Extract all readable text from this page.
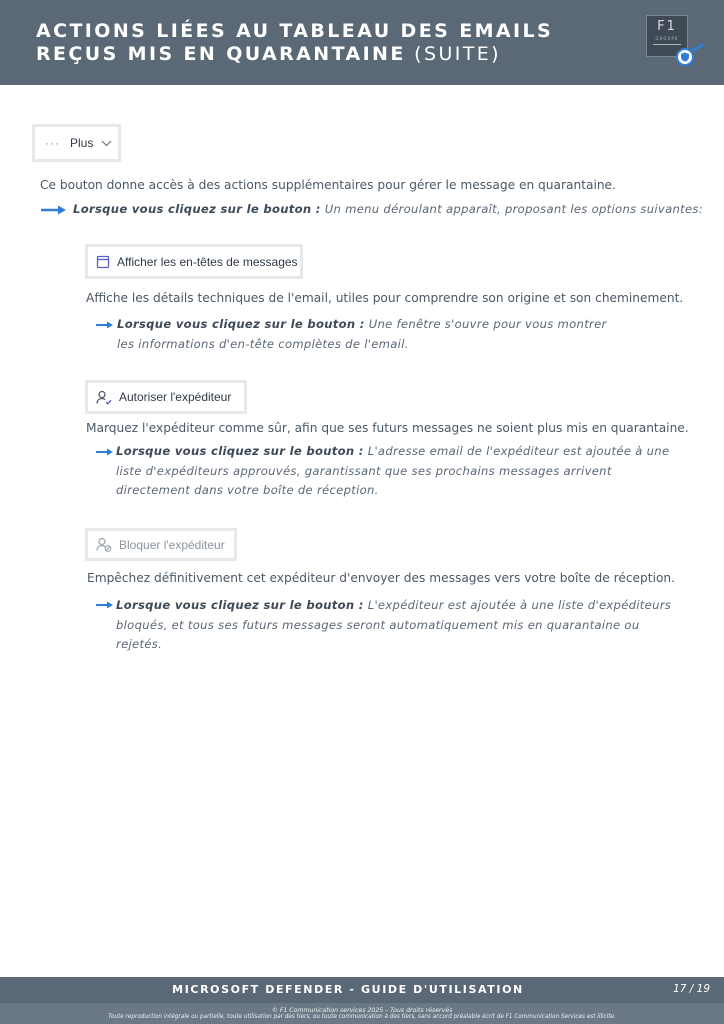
ACTIONS LIÉES AU TABLEAU DES EMAILS
REÇUS MIS EN QUARANTAINE (SUITE)
F1
GROUPE
··· Plus
Ce bouton donne accès à des actions supplémentaires pour gérer le message en quarantaine.
Lorsque vous cliquez sur le bouton : Un menu déroulant apparaît, proposant les options suivantes:
Afficher les en-têtes de messages
Affiche les détails techniques de l'email, utiles pour comprendre son origine et son cheminement.
Lorsque vous cliquez sur le bouton : Une fenêtre s'ouvre pour vous montrer les informations d'en-tête complètes de l'email.
Autoriser l'expéditeur
Marquez l'expéditeur comme sûr, afin que ses futurs messages ne soient plus mis en quarantaine.
Lorsque vous cliquez sur le bouton : L'adresse email de l'expéditeur est ajoutée à une liste d'expéditeurs approuvés, garantissant que ses prochains messages arrivent directement dans votre boîte de réception.
Bloquer l'expéditeur
Empêchez définitivement cet expéditeur d'envoyer des messages vers votre boîte de réception.
Lorsque vous cliquez sur le bouton : L'expéditeur est ajoutée à une liste d'expéditeurs bloqués, et tous ses futurs messages seront automatiquement mis en quarantaine ou rejetés.
MICROSOFT DEFENDER - GUIDE D'UTILISATION	17 / 19
© F1 Communication services 2025 – Tous droits réservés
Toute reproduction intégrale ou partielle, toute utilisation par des tiers, ou toute communication à des tiers, sans accord préalable écrit de F1 Communication Services est illicite.
